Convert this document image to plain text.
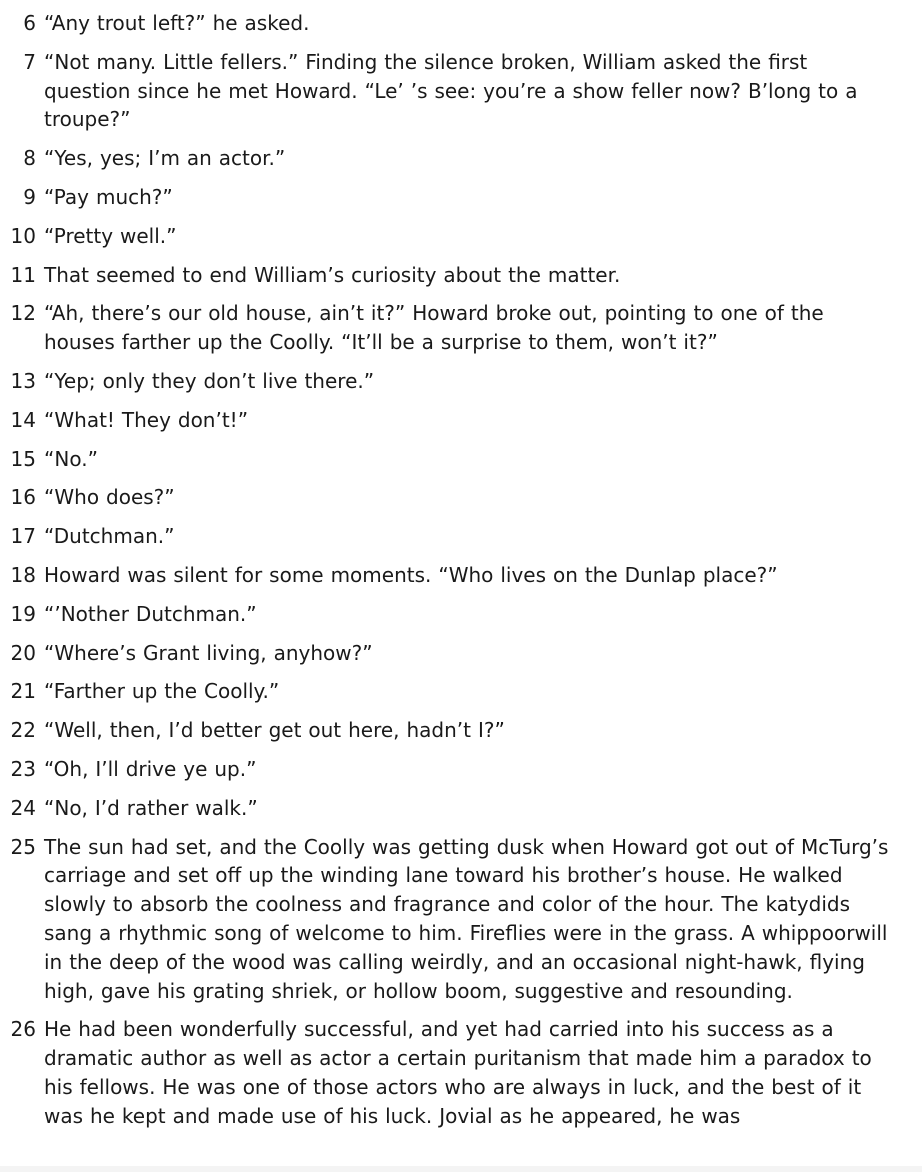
6 “Any trout left?” he asked.
7 “Not many. Little fellers.” Finding the silence broken, William asked the first question since he met Howard. “Le’ ’s see: you’re a show feller now? B’long to a troupe?”
8 “Yes, yes; I’m an actor.”
9 “Pay much?”
10 “Pretty well.”
11 That seemed to end William’s curiosity about the matter.
12 “Ah, there’s our old house, ain’t it?” Howard broke out, pointing to one of the houses farther up the Coolly. “It’ll be a surprise to them, won’t it?”
13 “Yep; only they don’t live there.”
14 “What! They don’t!”
15 “No.”
16 “Who does?”
17 “Dutchman.”
18 Howard was silent for some moments. “Who lives on the Dunlap place?”
19 “’Nother Dutchman.”
20 “Where’s Grant living, anyhow?”
21 “Farther up the Coolly.”
22 “Well, then, I’d better get out here, hadn’t I?”
23 “Oh, I’ll drive ye up.”
24 “No, I’d rather walk.”
25 The sun had set, and the Coolly was getting dusk when Howard got out of McTurg’s carriage and set off up the winding lane toward his brother’s house. He walked slowly to absorb the coolness and fragrance and color of the hour. The katydids sang a rhythmic song of welcome to him. Fireflies were in the grass. A whippoorwill in the deep of the wood was calling weirdly, and an occasional night-hawk, flying high, gave his grating shriek, or hollow boom, suggestive and resounding.
26 He had been wonderfully successful, and yet had carried into his success as a dramatic author as well as actor a certain puritanism that made him a paradox to his fellows. He was one of those actors who are always in luck, and the best of it was he kept and made use of his luck. Jovial as he appeared, he was
